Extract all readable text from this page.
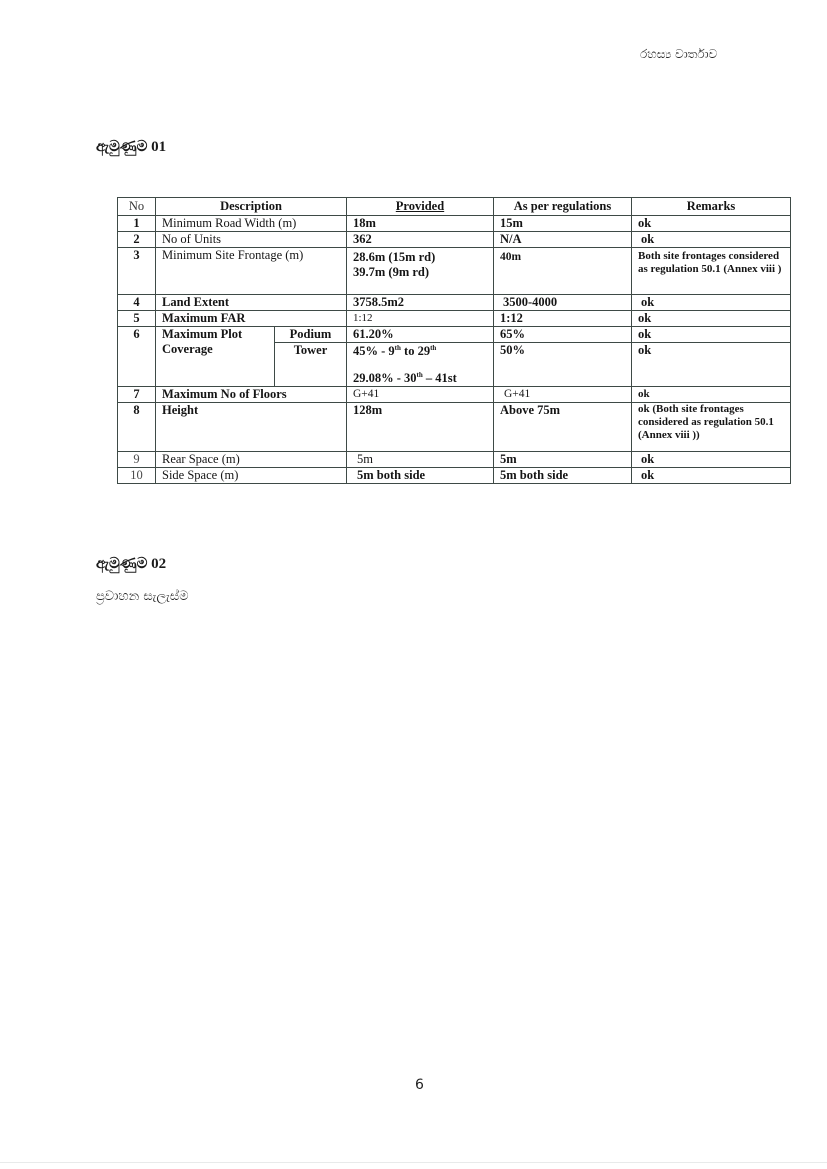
රහස්‍ය වාර්තාව
ඇමුණුම 01
No	Description		Provided	As per regulations	Remarks
1	Minimum Road Width (m)		18m	15m	ok
2	No of Units		362	N/A	ok
3	Minimum Site Frontage (m)		28.6m (15m rd)
39.7m (9m rd)	40m	Both site frontages considered as regulation 50.1 (Annex viii )

4	Land Extent		3758.5m2	3500-4000	ok
5	Maximum FAR		1:12	1:12	ok
6	Maximum Plot Coverage	Podium	61.20%	65%	ok
		Tower	45% - 9th to 29th
29.08% - 30th – 41st	50%	ok
7	Maximum No of Floors		G+41	G+41	ok
8	Height		128m	Above 75m	ok (Both site frontages considered as regulation 50.1 (Annex viii ))

9	Rear Space (m)		5m	5m	ok
10	Side Space (m)		5m both side	5m both side	ok
ඇමුණුම 02
ප්‍රවාහන සැලැස්ම
6
